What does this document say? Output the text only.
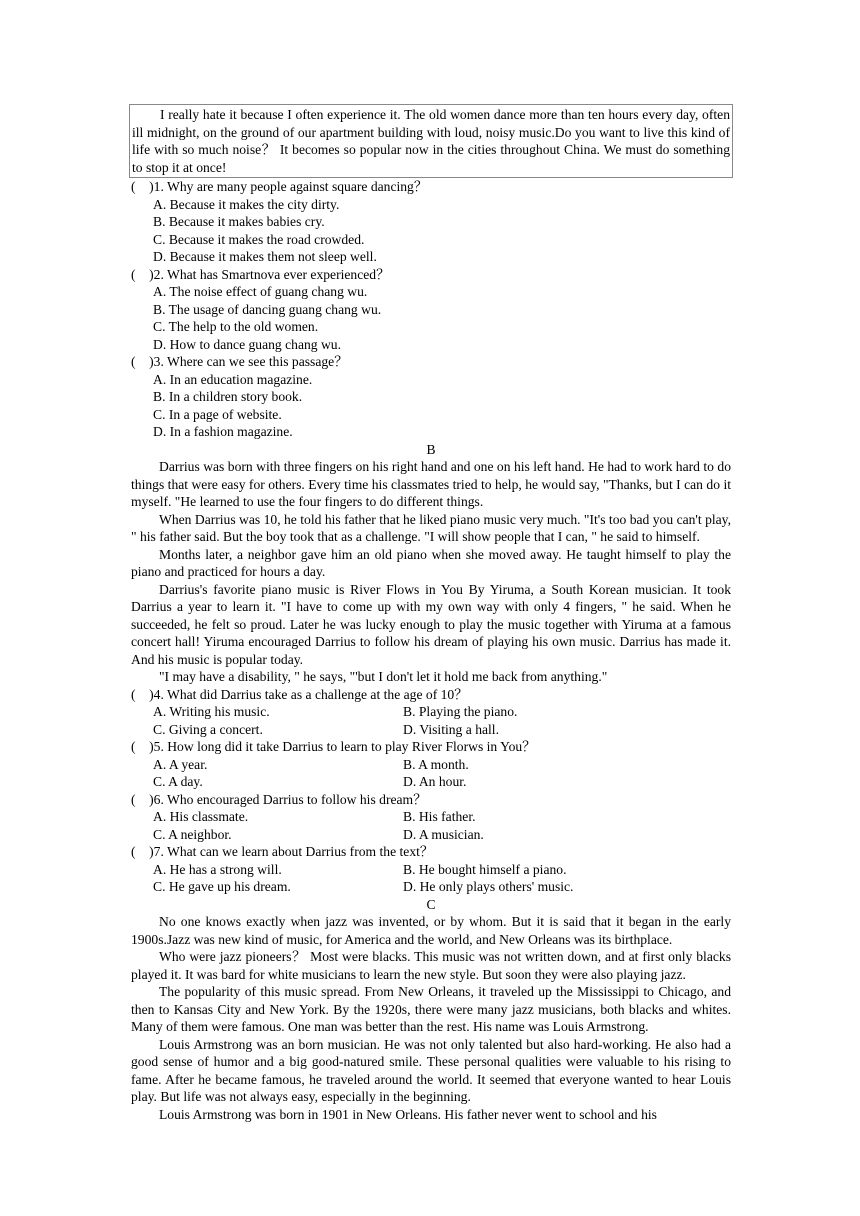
I really hate it because I often experience it. The old women dance more than ten hours every day, often ill midnight, on the ground of our apartment building with loud, noisy music.Do you want to live this kind of life with so much noise？ It becomes so popular now in the cities throughout China. We must do something to stop it at once!

(　)1. Why are many people against square dancing？
A. Because it makes the city dirty.
B. Because it makes babies cry.
C. Because it makes the road crowded.
D. Because it makes them not sleep well.
(　)2. What has Smartnova ever experienced？
A. The noise effect of guang chang wu.
B. The usage of dancing guang chang wu.
C. The help to the old women.
D. How to dance guang chang wu.
(　)3. Where can we see this passage？
A. In an education magazine.
B. In a children story book.
C. In a page of website.
D. In a fashion magazine.
B

Darrius was born with three fingers on his right hand and one on his left hand. He had to work hard to do things that were easy for others. Every time his classmates tried to help, he would say, "Thanks, but I can do it myself. "He learned to use the four fingers to do different things.

When Darrius was 10, he told his father that he liked piano music very much. "It's too bad you can't play, " his father said. But the boy took that as a challenge. "I will show people that I can, " he said to himself.

Months later, a neighbor gave him an old piano when she moved away. He taught himself to play the piano and practiced for hours a day.

Darrius's favorite piano music is River Flows in You By Yiruma, a South Korean musician. It took Darrius a year to learn it. "I have to come up with my own way with only 4 fingers, " he said. When he succeeded, he felt so proud. Later he was lucky enough to play the music together with Yiruma at a famous concert hall! Yiruma encouraged Darrius to follow his dream of playing his own music. Darrius has made it. And his music is popular today.

"I may have a disability, " he says, "'but I don't let it hold me back from anything."

(　)4. What did Darrius take as a challenge at the age of 10？
A. Writing his music.	B. Playing the piano.
C. Giving a concert.	D. Visiting a hall.
(　)5. How long did it take Darrius to learn to play River Florws in You？
A. A year.	B. A month.
C. A day.	D. An hour.
(　)6. Who encouraged Darrius to follow his dream？
A. His classmate.	B. His father.
C. A neighbor.	D. A musician.
(　)7. What can we learn about Darrius from the text？
A. He has a strong will.	B. He bought himself a piano.
C. He gave up his dream.	D. He only plays others' music.
C

No one knows exactly when jazz was invented, or by whom. But it is said that it began in the early 1900s.Jazz was new kind of music, for America and the world, and New Orleans was its birthplace.

Who were jazz pioneers？ Most were blacks. This music was not written down, and at first only blacks played it. It was bard for white musicians to learn the new style. But soon they were also playing jazz.

The popularity of this music spread. From New Orleans, it traveled up the Mississippi to Chicago, and then to Kansas City and New York. By the 1920s, there were many jazz musicians, both blacks and whites. Many of them were famous. One man was better than the rest. His name was Louis Armstrong.

Louis Armstrong was an born musician. He was not only talented but also hard-working. He also had a good sense of humor and a big good-natured smile. These personal qualities were valuable to his rising to fame. After he became famous, he traveled around the world. It seemed that everyone wanted to hear Louis play. But life was not always easy, especially in the beginning.

Louis Armstrong was born in 1901 in New Orleans. His father never went to school and his
